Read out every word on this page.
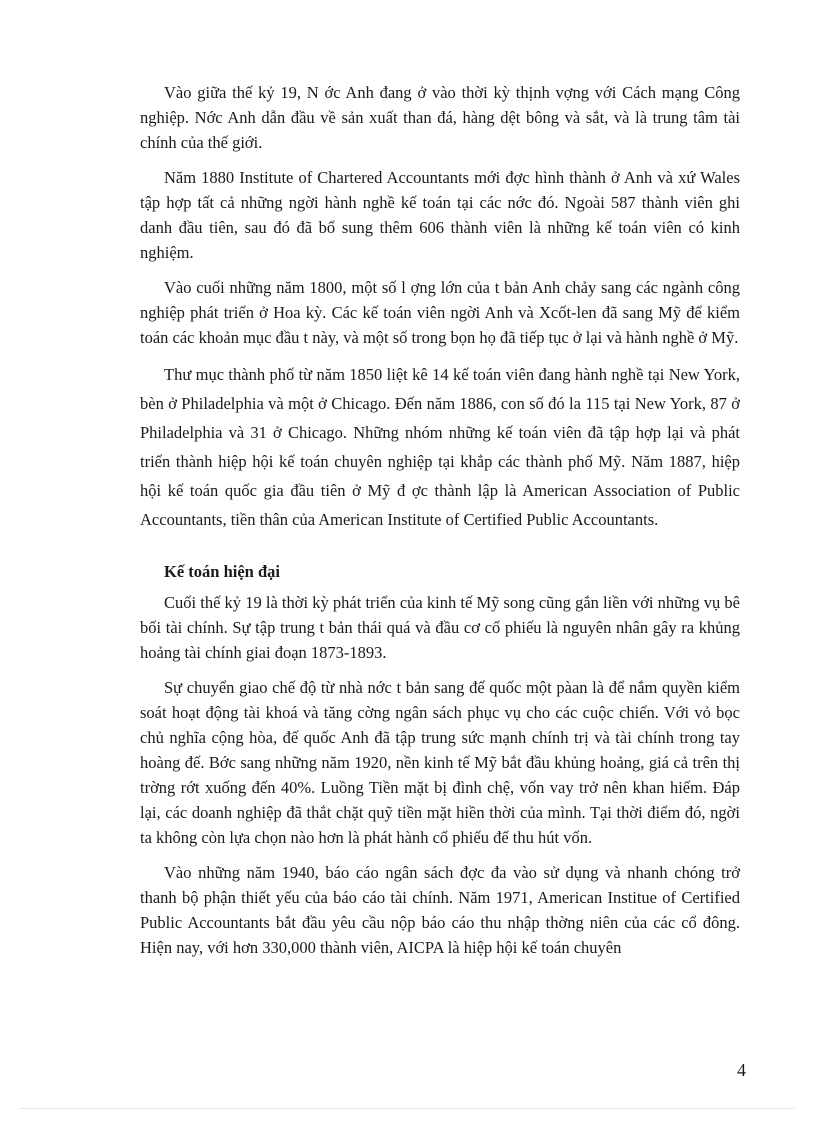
Vào giữa thế kỷ 19, N ớc Anh đang ở vào thời kỳ thịnh vợng với Cách mạng Công nghiệp. Nớc Anh dẫn đầu về sản xuất than đá, hàng dệt bông và sắt, và là trung tâm tài chính của thế giới.

Năm 1880 Institute of Chartered Accountants mới đợc hình thành ở Anh và xứ Wales tập hợp tất cả những ngời hành nghề kế toán tại các nớc đó. Ngoài 587 thành viên ghi danh đầu tiên, sau đó đã bổ sung thêm 606 thành viên là những kế toán viên có kinh nghiệm.

Vào cuối những năm 1800, một số l ợng lớn của t bản Anh chảy sang các ngành công nghiệp phát triển ở Hoa kỳ. Các kế toán viên ngời Anh và Xcốt-len đã sang Mỹ để kiểm toán các khoản mục đầu t này, và một số trong bọn họ đã tiếp tục ở lại và hành nghề ở Mỹ.

Thư mục thành phố từ năm 1850 liệt kê 14 kế toán viên đang hành nghề tại New York, bèn ở Philadelphia và một ở Chicago. Đến năm 1886, con số đó la 115 tại New York, 87 ở Philadelphia và 31 ở Chicago. Những nhóm những kế toán viên đã tập hợp lại và phát triển thành hiệp hội kế toán chuyên nghiệp tại khắp các thành phố Mỹ. Năm 1887, hiệp hội kế toán quốc gia đầu tiên ở Mỹ đ ợc thành lập là American Association of Public Accountants, tiền thân của American Institute of Certified Public Accountants.

Kế toán hiện đại

Cuối thế kỷ 19 là thời kỳ phát triển của kinh tế Mỹ song cũng gắn liền với những vụ bê bối tài chính. Sự tập trung t bản thái quá và đầu cơ cổ phiếu là nguyên nhân gây ra khủng hoảng tài chính giai đoạn 1873-1893.

Sự chuyển giao chế độ từ nhà nớc t bản sang đế quốc một pàan là để nắm quyền kiểm soát hoạt động tài khoá và tăng cờng ngân sách phục vụ cho các cuộc chiến. Với vỏ bọc chủ nghĩa cộng hòa, đế quốc Anh đã tập trung sức mạnh chính trị và tài chính trong tay hoàng đế. Bớc sang những năm 1920, nền kinh tế Mỹ bắt đầu khủng hoảng, giá cả trên thị trờng rớt xuống đến 40%. Luồng Tiền mặt bị đình chệ, vốn vay trở nên khan hiếm. Đáp lại, các doanh nghiệp đã thắt chặt quỹ tiền mặt hiền thời của mình. Tại thời điểm đó, ngời ta không còn lựa chọn nào hơn là phát hành cổ phiếu để thu hút vốn.

Vào những năm 1940, báo cáo ngân sách đợc đa vào sử dụng và nhanh chóng trở thanh bộ phận thiết yếu của báo cáo tài chính. Năm 1971, American Institue of Certified Public Accountants bắt đầu yêu cầu nộp báo cáo thu nhập thờng niên của các cổ đông. Hiện nay, với hơn 330,000 thành viên, AICPA là hiệp hội kế toán chuyên

4
